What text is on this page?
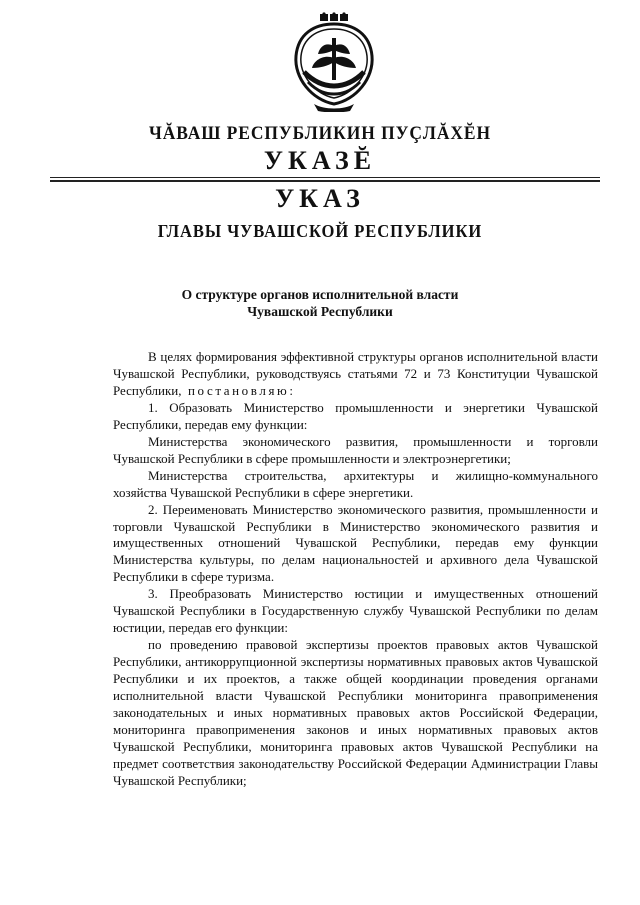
ЧĂВАШ РЕСПУБЛИКИН ПУÇЛĂХĔН
УКАЗĔ
УКАЗ
ГЛАВЫ ЧУВАШСКОЙ РЕСПУБЛИКИ
О структуре органов исполнительной власти
Чувашской Республики

В целях формирования эффективной структуры органов исполнительной власти Чувашской Республики, руководствуясь статьями 72 и 73 Конституции Чувашской Республики, постановляю:

1. Образовать Министерство промышленности и энергетики Чувашской Республики, передав ему функции:

Министерства экономического развития, промышленности и торговли Чувашской Республики в сфере промышленности и электроэнергетики;

Министерства строительства, архитектуры и жилищно-коммунального хозяйства Чувашской Республики в сфере энергетики.

2. Переименовать Министерство экономического развития, промышленности и торговли Чувашской Республики в Министерство экономического развития и имущественных отношений Чувашской Республики, передав ему функции Министерства культуры, по делам национальностей и архивного дела Чувашской Республики в сфере туризма.

3. Преобразовать Министерство юстиции и имущественных отношений Чувашской Республики в Государственную службу Чувашской Республики по делам юстиции, передав его функции:

по проведению правовой экспертизы проектов правовых актов Чувашской Республики, антикоррупционной экспертизы нормативных правовых актов Чувашской Республики и их проектов, а также общей координации проведения органами исполнительной власти Чувашской Республики мониторинга правоприменения законодательных и иных нормативных правовых актов Российской Федерации, мониторинга правоприменения законов и иных нормативных правовых актов Чувашской Республики, мониторинга правовых актов Чувашской Республики на предмет соответствия законодательству Российской Федерации Администрации Главы Чувашской Республики;
